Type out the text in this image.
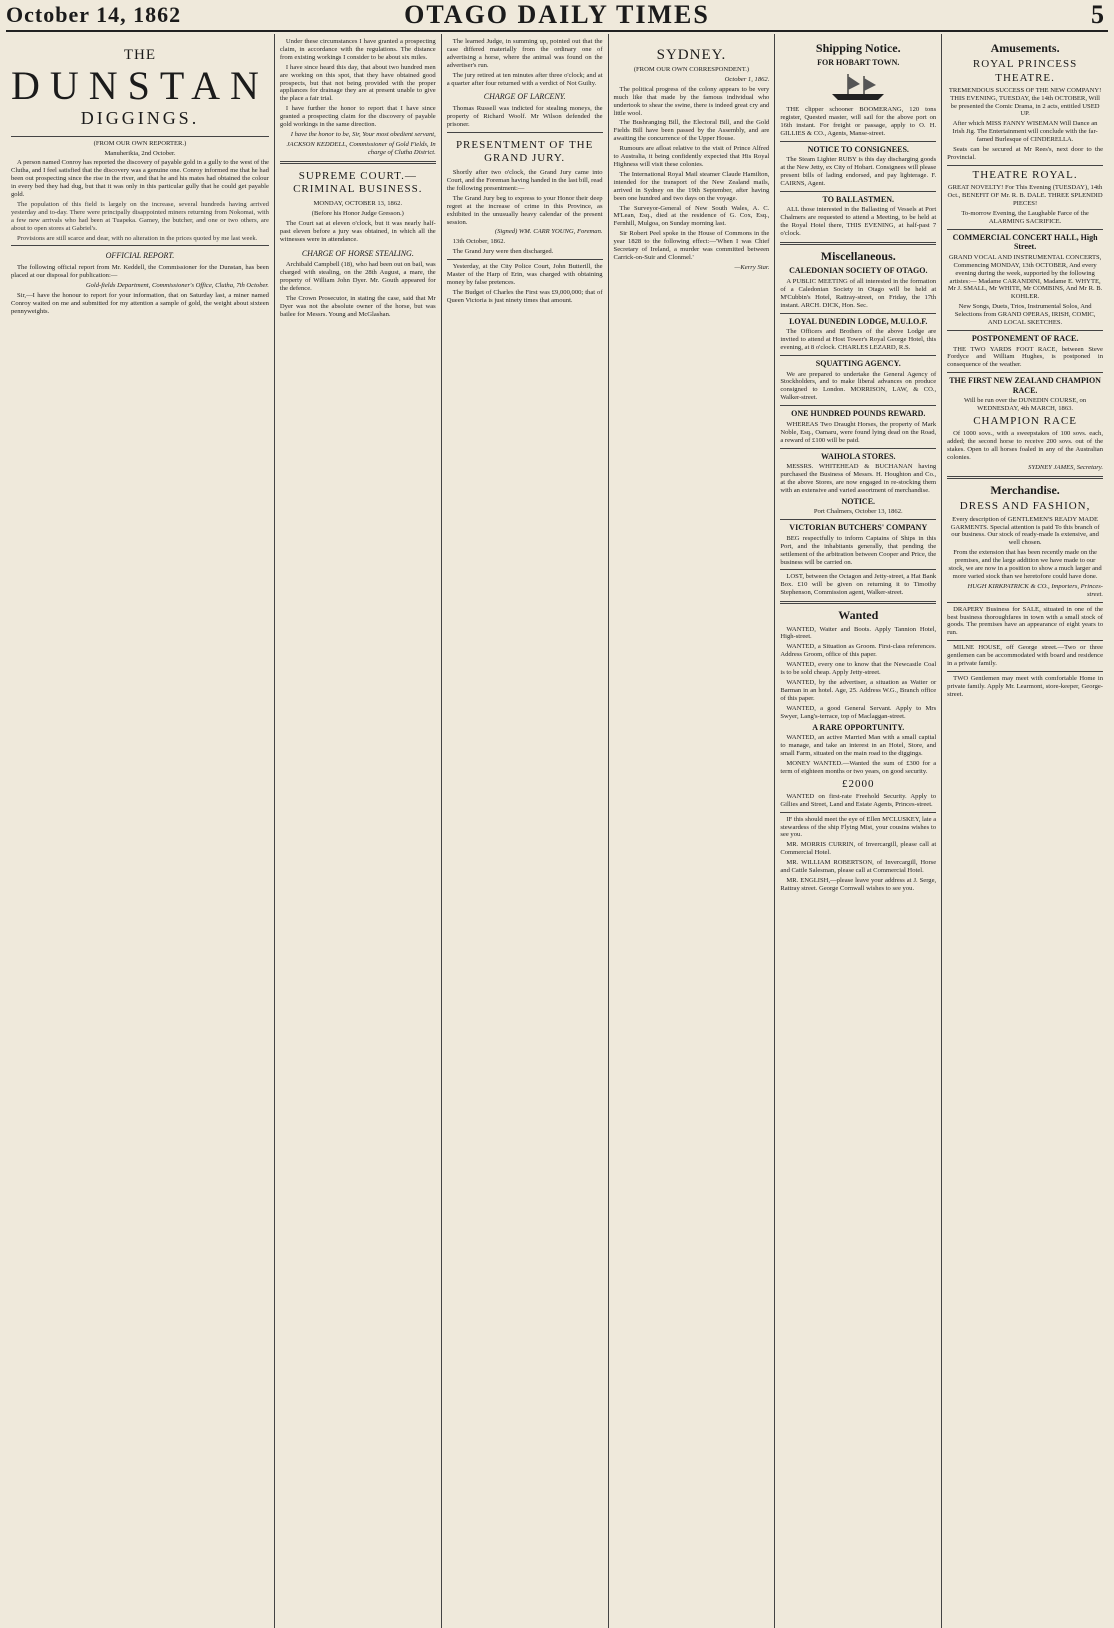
October 14, 1862	OTAGO DAILY TIMES	5
THE
DUNSTAN
DIGGINGS.

(FROM OUR OWN REPORTER.)

Manuherikia, 2nd October.

A person named Conroy has reported the discovery of payable gold in a gully to the west of the Clutha, and I feel satisfied that the discovery was a genuine one. Conroy informed me that he had been out prospecting since the rise in the river, and that he and his mates had obtained the colour in every bed they had dug, but that it was only in this particular gully that he could get payable gold.

The population of this field is largely on the increase, several hundreds having arrived yesterday and to-day. There were principally disappointed miners returning from Nokomai, with a few new arrivals who had been at Tuapeka. Gamey, the butcher, and one or two others, are about to open stores at Gabriel's.

Provisions are still scarce and dear, with no alteration in the prices quoted by me last week.

OFFICIAL REPORT.

The following official report from Mr. Keddell, the Commissioner for the Dunstan, has been placed at our disposal for publication:—

Gold-fields Department, Commissioner's Office, Clutha, 7th October.

Sir,—I have the honour to report for your information, that on Saturday last, a miner named Conroy waited on me and submitted for my attention a sample of gold, the weight about sixteen pennyweights.

Under these circumstances I have granted a prospecting claim, in accordance with the regulations. The distance from existing workings I consider to be about six miles.

I have since heard this day, that about two hundred men are working on this spot, that they have obtained good prospects, but that not being provided with the proper appliances for drainage they are at present unable to give the place a fair trial.

I have further the honor to report that I have since granted a prospecting claim for the discovery of payable gold workings in the same direction.

I have the honor to be, Sir, Your most obedient servant,

JACKSON KEDDELL, Commissioner of Gold Fields, In charge of Clutha District.

SUPREME COURT.—CRIMINAL BUSINESS.

MONDAY, OCTOBER 13, 1862.

(Before his Honor Judge Gresson.)

The Court sat at eleven o'clock, but it was nearly half-past eleven before a jury was obtained, in which all the witnesses were in attendance.

CHARGE OF HORSE STEALING.

Archibald Campbell (18), who had been out on bail, was charged with stealing, on the 28th August, a mare, the property of William John Dyer. Mr. Gouth appeared for the defence.

The Crown Prosecutor, in stating the case, said that Mr Dyer was not the absolute owner of the horse, but was bailee for Messrs. Young and McGlashan.

The learned Judge, in summing up, pointed out that the case differed materially from the ordinary one of advertising a horse, where the animal was found on the advertiser's run.

The jury retired at ten minutes after three o'clock; and at a quarter after four returned with a verdict of Not Guilty.

CHARGE OF LARCENY.

Thomas Russell was indicted for stealing moneys, the property of Richard Woolf. Mr Wilson defended the prisoner.

PRESENTMENT OF THE GRAND JURY.

Shortly after two o'clock, the Grand Jury came into Court, and the Foreman having handed in the last bill, read the following presentment:—

The Grand Jury beg to express to your Honor their deep regret at the increase of crime in this Province, as exhibited in the unusually heavy calendar of the present session.

(Signed) WM. CARR YOUNG, Foreman.

13th October, 1862.

The Grand Jury were then discharged.

Yesterday, at the City Police Court, John Butterill, the Master of the Harp of Erin, was charged with obtaining money by false pretences.

The Budget of Charles the First was £9,000,000; that of Queen Victoria is just ninety times that amount.

SYDNEY.

(FROM OUR OWN CORRESPONDENT.)

October 1, 1862.

The political progress of the colony appears to be very much like that made by the famous individual who undertook to shear the swine, there is indeed great cry and little wool.

The Bushranging Bill, the Electoral Bill, and the Gold Fields Bill have been passed by the Assembly, and are awaiting the concurrence of the Upper House.

Rumours are afloat relative to the visit of Prince Alfred to Australia, it being confidently expected that His Royal Highness will visit these colonies.

The International Royal Mail steamer Claude Hamilton, intended for the transport of the New Zealand mails, arrived in Sydney on the 19th September, after having been one hundred and two days on the voyage.

The Surveyor-General of New South Wales, A. C. M'Lean, Esq., died at the residence of G. Cox, Esq., Fernhill, Mulgoa, on Sunday morning last.

Sir Robert Peel spoke in the House of Commons in the year 1828 to the following effect:—'When I was Chief Secretary of Ireland, a murder was committed between Carrick-on-Suir and Clonmel.'

—Kerry Star.

Shipping Notice.

FOR HOBART TOWN.

THE clipper schooner BOOMERANG, 120 tons register, Quested master, will sail for the above port on 16th instant. For freight or passage, apply to O. H. GILLIES & CO., Agents, Manse-street.

NOTICE TO CONSIGNEES.

The Steam Lighter RUBY is this day discharging goods at the New Jetty, ex City of Hobart. Consignees will please present bills of lading endorsed, and pay lighterage. F. CAIRNS, Agent.

TO BALLASTMEN.

ALL those interested in the Ballasting of Vessels at Port Chalmers are requested to attend a Meeting, to be held at the Royal Hotel there, THIS EVENING, at half-past 7 o'clock.

Miscellaneous.

CALEDONIAN SOCIETY OF OTAGO.

A PUBLIC MEETING of all interested in the formation of a Caledonian Society in Otago will be held at M'Cubbin's Hotel, Rattray-street, on Friday, the 17th instant. ARCH. DICK, Hon. Sec.

LOYAL DUNEDIN LODGE, M.U.I.O.F.

The Officers and Brothers of the above Lodge are invited to attend at Host Tower's Royal George Hotel, this evening, at 8 o'clock. CHARLES LEZARD, R.S.

SQUATTING AGENCY.

We are prepared to undertake the General Agency of Stockholders, and to make liberal advances on produce consigned to London. MORRISON, LAW, & CO., Walker-street.

ONE HUNDRED POUNDS REWARD.

WHEREAS Two Draught Horses, the property of Mark Noble, Esq., Oamaru, were found lying dead on the Road, a reward of £100 will be paid.

WAIHOLA STORES.

MESSRS. WHITEHEAD & BUCHANAN having purchased the Business of Messrs. H. Houghton and Co., at the above Stores, are now engaged in re-stocking them with an extensive and varied assortment of merchandise.

NOTICE.

Port Chalmers, October 13, 1862.

VICTORIAN BUTCHERS' COMPANY

BEG respectfully to inform Captains of Ships in this Port, and the inhabitants generally, that pending the settlement of the arbitration between Cooper and Price, the business will be carried on.

LOST, between the Octagon and Jetty-street, a Hat Bank Box. £10 will be given on returning it to Timothy Stephenson, Commission agent, Walker-street.

Wanted

WANTED, Waiter and Boots. Apply Tannion Hotel, High-street.

WANTED, a Situation as Groom. First-class references. Address Groom, office of this paper.

WANTED, every one to know that the Newcastle Coal is to be sold cheap. Apply Jetty-street.

WANTED, by the advertiser, a situation as Waiter or Barman in an hotel. Age, 25. Address W.G., Branch office of this paper.

WANTED, a good General Servant. Apply to Mrs Swyer, Lang's-terrace, top of Maclaggan-street.

A RARE OPPORTUNITY.

WANTED, an active Married Man with a small capital to manage, and take an interest in an Hotel, Store, and small Farm, situated on the main road to the diggings.

MONEY WANTED.—Wanted the sum of £300 for a term of eighteen months or two years, on good security.

£2000

WANTED on first-rate Freehold Security. Apply to Gillies and Street, Land and Estate Agents, Princes-street.

IF this should meet the eye of Ellen M'CLUSKEY, late a stewardess of the ship Flying Mist, your cousins wishes to see you.

MR. MORRIS CURRIN, of Invercargill, please call at Commercial Hotel.

MR. WILLIAM ROBERTSON, of Invercargill, Horse and Cattle Salesman, please call at Commercial Hotel.

MR. ENGLISH,—please leave your address at J. Serge, Rattray street. George Cornwall wishes to see you.

Amusements.

ROYAL PRINCESS THEATRE.

TREMENDOUS SUCCESS OF THE NEW COMPANY! THIS EVENING, TUESDAY, the 14th OCTOBER, Will be presented the Comic Drama, in 2 acts, entitled USED UP.

After which MISS FANNY WISEMAN Will Dance an Irish Jig. The Entertainment will conclude with the far-famed Burlesque of CINDERELLA.

Seats can be secured at Mr Rees's, next door to the Provincial.

THEATRE ROYAL.

GREAT NOVELTY! For This Evening (TUESDAY), 14th Oct., BENEFIT OF Mr. R. B. DALE. THREE SPLENDID PIECES!

To-morrow Evening, the Laughable Farce of the ALARMING SACRIFICE.

COMMERCIAL CONCERT HALL, High Street.

GRAND VOCAL AND INSTRUMENTAL CONCERTS, Commencing MONDAY, 13th OCTOBER, And every evening during the week, supported by the following artistes:— Madame CARANDINI, Madame E. WHYTE, Mr J. SMALL, Mr WHITE, Mr COMBINS, And Mr R. B. KOHLER.

New Songs, Duets, Trios, Instrumental Solos, And Selections from GRAND OPERAS, IRISH, COMIC, AND LOCAL SKETCHES.

POSTPONEMENT OF RACE.

THE TWO YARDS FOOT RACE, between Steve Fordyce and William Hughes, is postponed in consequence of the weather.

THE FIRST NEW ZEALAND CHAMPION RACE.

Will be run over the DUNEDIN COURSE, on WEDNESDAY, 4th MARCH, 1863.

CHAMPION RACE

Of 1000 sovs., with a sweepstakes of 100 sovs. each, added; the second horse to receive 200 sovs. out of the stakes. Open to all horses foaled in any of the Australian colonies.

SYDNEY JAMES, Secretary.

Merchandise.

DRESS AND FASHION,

Every description of GENTLEMEN'S READY MADE GARMENTS. Special attention is paid To this branch of our business. Our stock of ready-made Is extensive, and well chosen.

From the extension that has been recently made on the premises, and the large addition we have made to our stock, we are now in a position to show a much larger and more varied stock than we heretofore could have done.

HUGH KIRKPATRICK & CO., Importers, Princes-street.

DRAPERY Business for SALE, situated in one of the best business thoroughfares in town with a small stock of goods. The premises have an appearance of eight years to run.

MILNE HOUSE, off George street.—Two or three gentlemen can be accommodated with board and residence in a private family.

TWO Gentlemen may meet with comfortable Home in private family. Apply Mr. Learmont, store-keeper, George-street.
